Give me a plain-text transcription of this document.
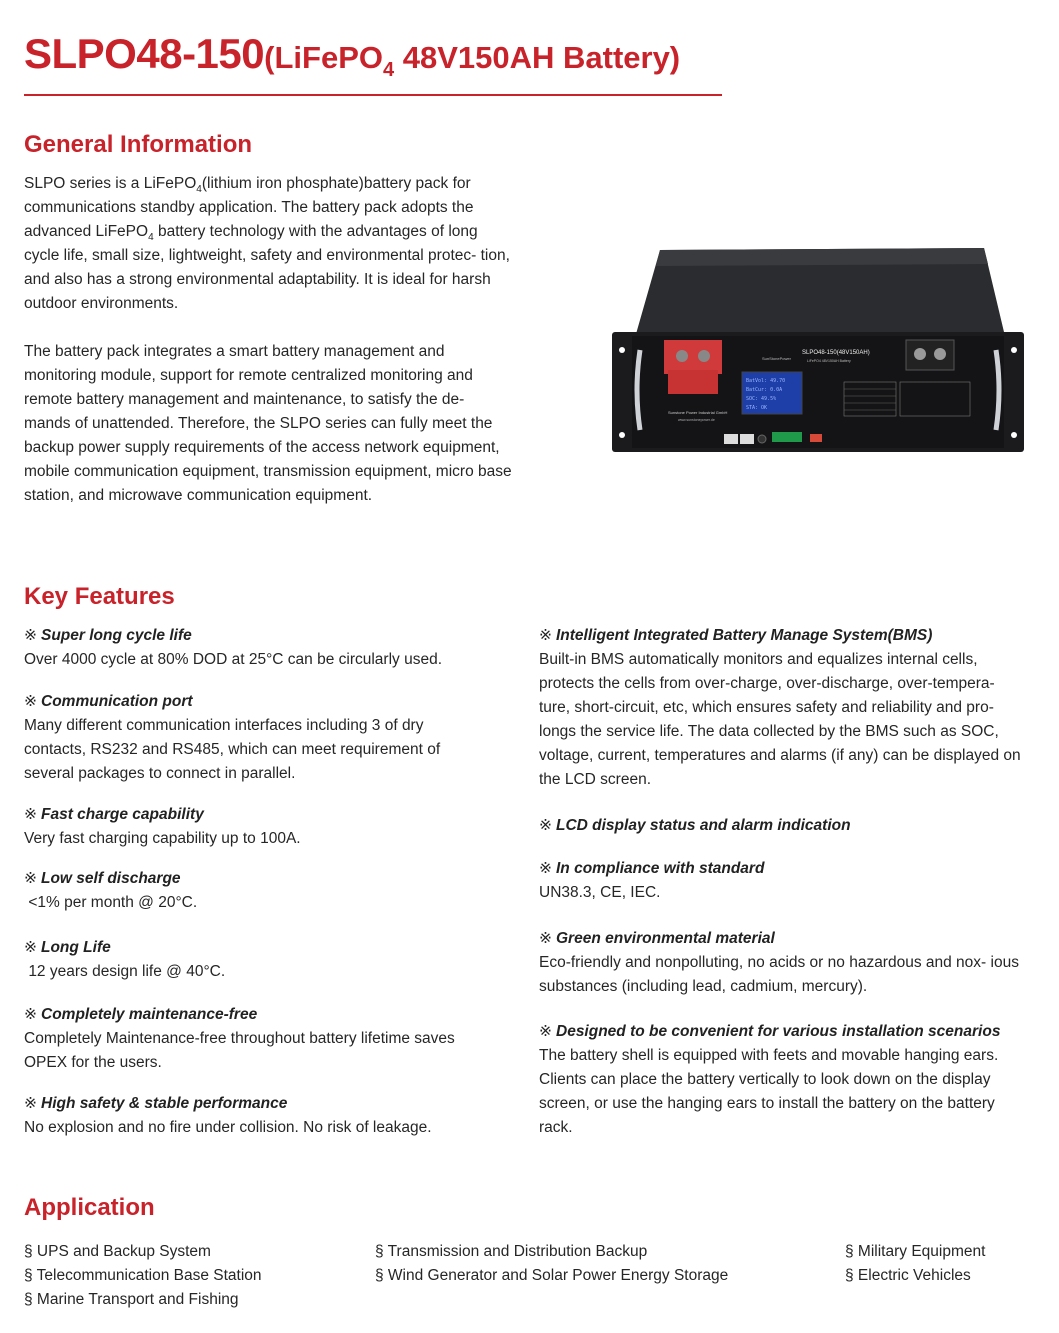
SLPO48-150(LiFePO$_4$ 48V150AH Battery)
General Information

SLPO series is a LiFePO$_4$(lithium iron phosphate)battery pack for communications standby application. The battery pack adopts the advanced LiFePO$_4$ battery technology with the advantages of long cycle life, small size, lightweight, safety and environmental protec- tion, and also has a strong environmental adaptability. It is ideal for harsh outdoor environments.

The battery pack integrates a smart battery management and monitoring module, support for remote centralized monitoring and remote battery management and maintenance, to satisfy the de- mands of unattended. Therefore, the SLPO series can fully meet the backup power supply requirements of the access network equipment, mobile communication equipment, transmission equipment, micro base station, and microwave communication equipment.

SunStonePower
SLPO48-150(48V150AH)
LiFePO4 48V150AH Battery
BatVol: 49.70
BatCur: 0.0A
SOC: 49.5%
STA: OK
Sunstone Power Industrial GmbH
www.sunstonepower.de
Key Features
※ Super long cycle life
Over 4000 cycle at 80% DOD at 25°C can be circularly used.
※ Communication port
Many different communication interfaces including 3 of dry contacts, RS232 and RS485, which can meet requirement of several packages to connect in parallel.
※ Fast charge capability
Very fast charging capability up to 100A.
※ Low self discharge
<1% per month @ 20°C.
※ Long Life
12 years design life @ 40°C.
※ Completely maintenance-free
Completely Maintenance-free throughout battery lifetime saves OPEX for the users.
※ High safety & stable performance
No explosion and no fire under collision. No risk of leakage.
※ Intelligent Integrated Battery Manage System(BMS)
Built-in BMS automatically monitors and equalizes internal cells, protects the cells from over-charge, over-discharge, over-tempera- ture, short-circuit, etc, which ensures safety and reliability and pro- longs the service life. The data collected by the BMS such as SOC, voltage, current, temperatures and alarms (if any) can be displayed on the LCD screen.
※ LCD display status and alarm indication
※ In compliance with standard
UN38.3, CE, IEC.
※ Green environmental material
Eco-friendly and nonpolluting, no acids or no hazardous and nox- ious substances (including lead, cadmium, mercury).
※ Designed to be convenient for various installation scenarios
The battery shell is equipped with feets and movable hanging ears. Clients can place the battery vertically to look down on the display screen, or use the hanging ears to install the battery on the battery rack.
Application
§ UPS and Backup System
§ Telecommunication Base Station
§ Marine Transport and Fishing
§ Transmission and Distribution Backup
§ Wind Generator and Solar Power Energy Storage
§ Military Equipment
§ Electric Vehicles
